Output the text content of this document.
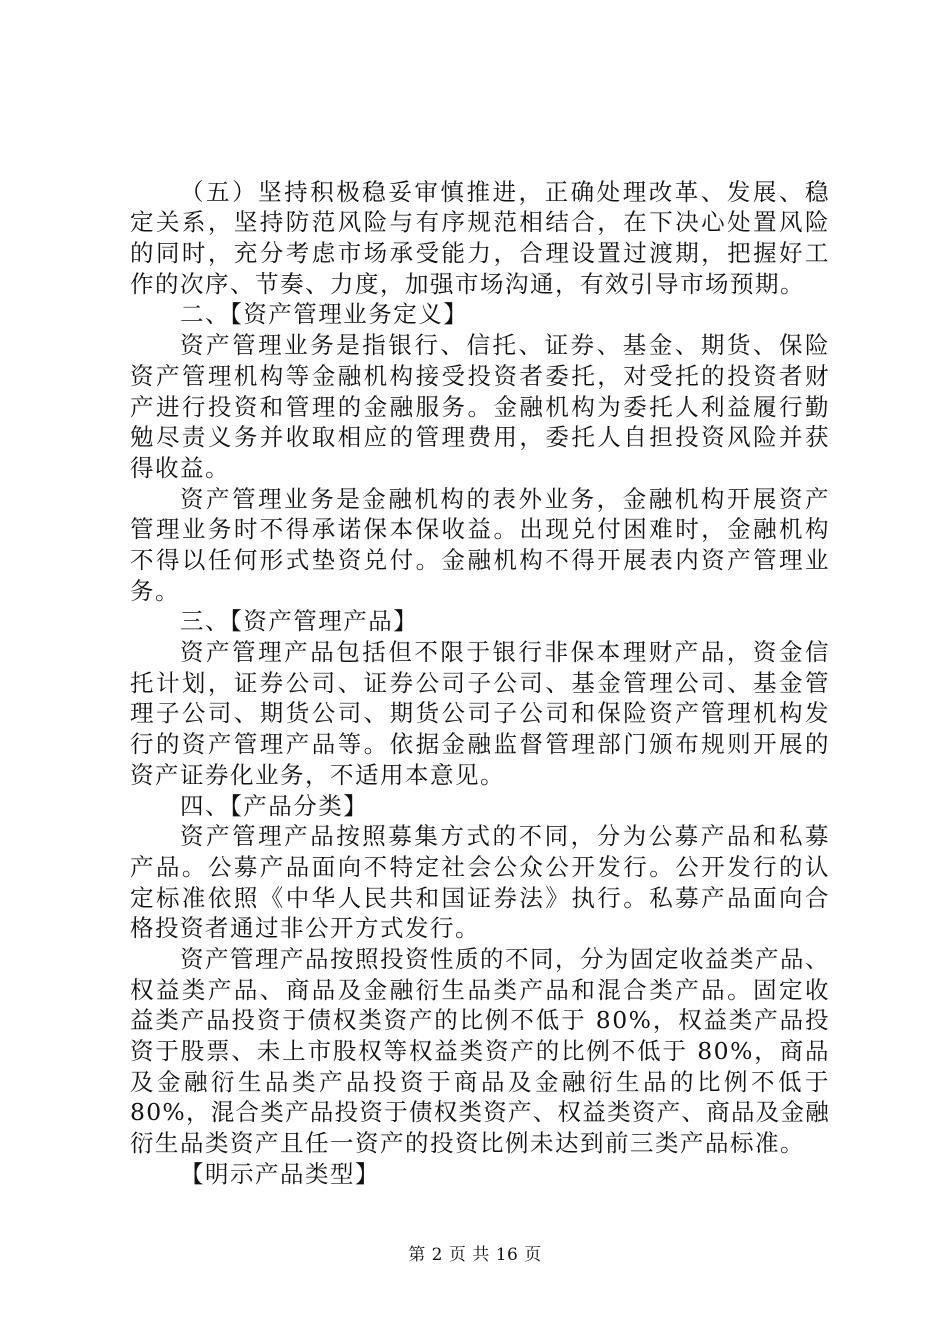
（五）坚持积极稳妥审慎推进，正确处理改革、发展、稳
定关系，坚持防范风险与有序规范相结合，在下决心处置风险
的同时，充分考虑市场承受能力，合理设置过渡期，把握好工
作的次序、节奏、力度，加强市场沟通，有效引导市场预期。
二、【资产管理业务定义】
资产管理业务是指银行、信托、证券、基金、期货、保险
资产管理机构等金融机构接受投资者委托，对受托的投资者财
产进行投资和管理的金融服务。金融机构为委托人利益履行勤
勉尽责义务并收取相应的管理费用，委托人自担投资风险并获
得收益。
资产管理业务是金融机构的表外业务，金融机构开展资产
管理业务时不得承诺保本保收益。出现兑付困难时，金融机构
不得以任何形式垫资兑付。金融机构不得开展表内资产管理业
务。
三、【资产管理产品】
资产管理产品包括但不限于银行非保本理财产品，资金信
托计划，证券公司、证券公司子公司、基金管理公司、基金管
理子公司、期货公司、期货公司子公司和保险资产管理机构发
行的资产管理产品等。依据金融监督管理部门颁布规则开展的
资产证券化业务，不适用本意见。
四、【产品分类】
资产管理产品按照募集方式的不同，分为公募产品和私募
产品。公募产品面向不特定社会公众公开发行。公开发行的认
定标准依照《中华人民共和国证券法》执行。私募产品面向合
格投资者通过非公开方式发行。
资产管理产品按照投资性质的不同，分为固定收益类产品、
权益类产品、商品及金融衍生品类产品和混合类产品。固定收
益类产品投资于债权类资产的比例不低于 80%，权益类产品投
资于股票、未上市股权等权益类资产的比例不低于 80%，商品
及金融衍生品类产品投资于商品及金融衍生品的比例不低于
80%，混合类产品投资于债权类资产、权益类资产、商品及金融
衍生品类资产且任一资产的投资比例未达到前三类产品标准。
【明示产品类型】
第 2 页 共 16 页
